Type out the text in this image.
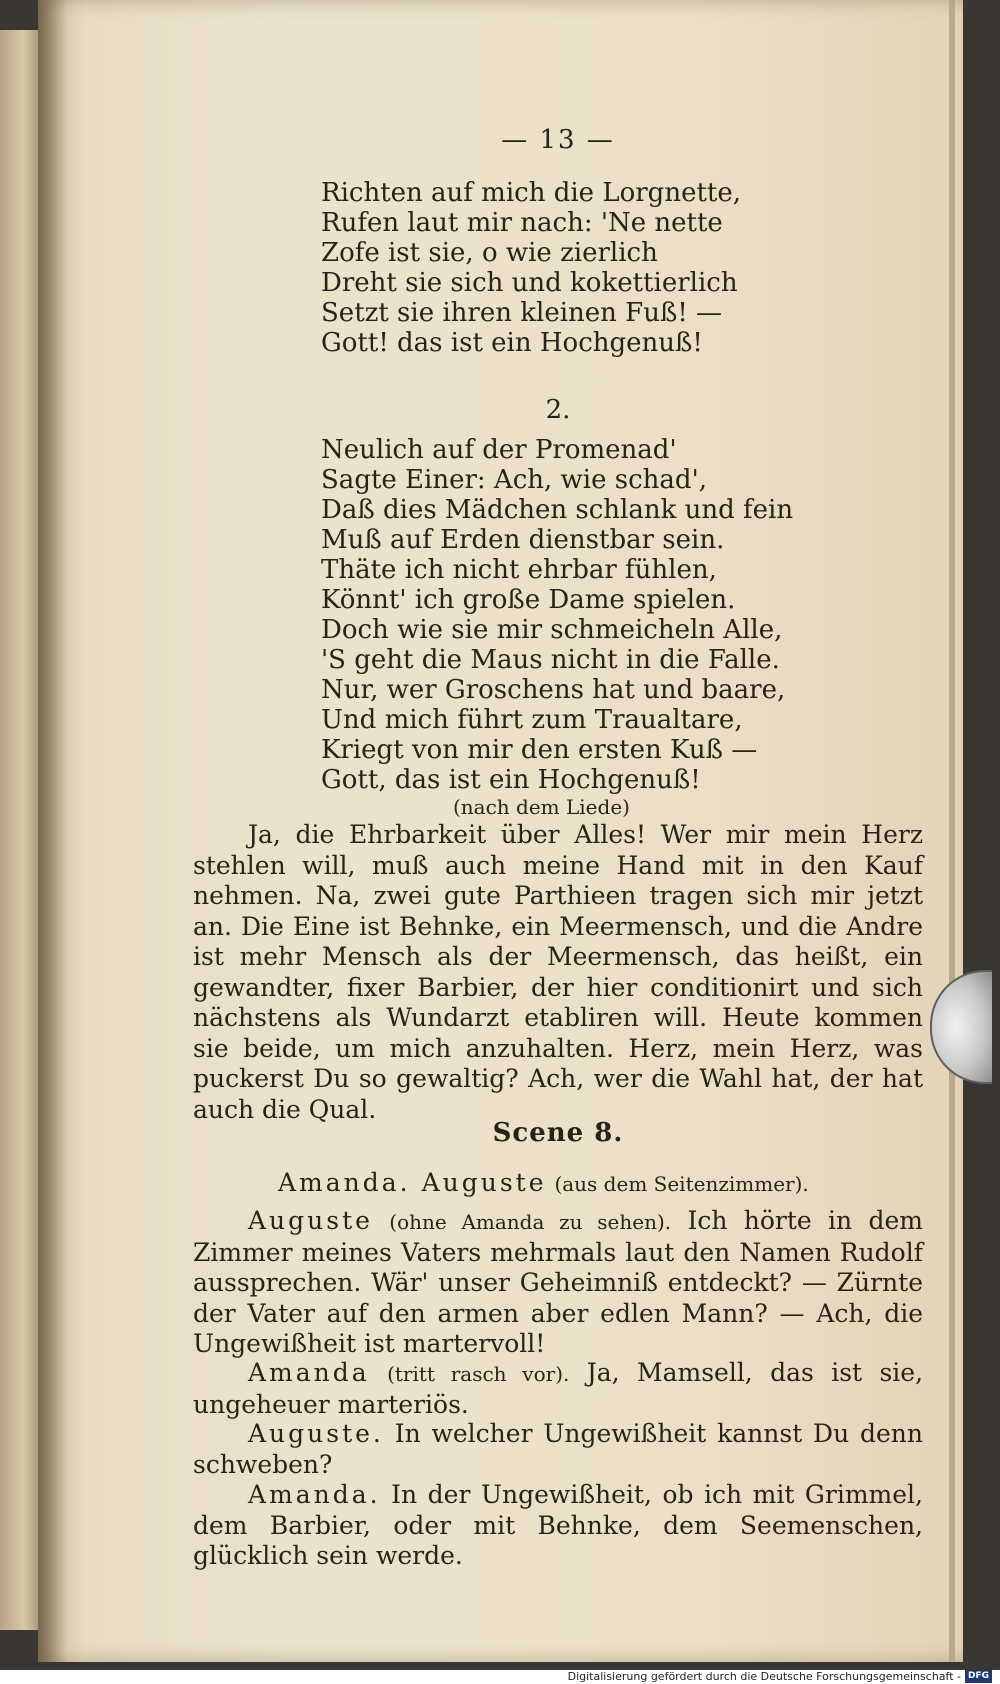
— 13 —
Richten auf mich die Lorgnette,
Rufen laut mir nach: 'Ne nette
Zofe ist sie, o wie zierlich
Dreht sie sich und kokettierlich
Setzt sie ihren kleinen Fuß! —
Gott! das ist ein Hochgenuß!
2.
Neulich auf der Promenad'
Sagte Einer: Ach, wie schad',
Daß dies Mädchen schlank und fein
Muß auf Erden dienstbar sein.
Thäte ich nicht ehrbar fühlen,
Könnt' ich große Dame spielen.
Doch wie sie mir schmeicheln Alle,
'S geht die Maus nicht in die Falle.
Nur, wer Groschens hat und baare,
Und mich führt zum Traualtare,
Kriegt von mir den ersten Kuß —
Gott, das ist ein Hochgenuß!
(nach dem Liede)
Ja, die Ehrbarkeit über Alles! Wer mir mein Herz stehlen will, muß auch meine Hand mit in den Kauf nehmen. Na, zwei gute Parthieen tragen sich mir jetzt an. Die Eine ist Behnke, ein Meermensch, und die Andre ist mehr Mensch als der Meermensch, das heißt, ein gewandter, fixer Barbier, der hier conditionirt und sich nächstens als Wundarzt etabliren will. Heute kommen sie beide, um mich anzuhalten. Herz, mein Herz, was puckerst Du so gewaltig? Ach, wer die Wahl hat, der hat auch die Qual.
Scene 8.
Amanda. Auguste (aus dem Seitenzimmer).
Auguste (ohne Amanda zu sehen). Ich hörte in dem Zimmer meines Vaters mehrmals laut den Namen Rudolf aussprechen. Wär' unser Geheimniß entdeckt? — Zürnte der Vater auf den armen aber edlen Mann? — Ach, die Ungewißheit ist martervoll!
Amanda (tritt rasch vor). Ja, Mamsell, das ist sie, ungeheuer marteriös.
Auguste. In welcher Ungewißheit kannst Du denn schweben?
Amanda. In der Ungewißheit, ob ich mit Grimmel, dem Barbier, oder mit Behnke, dem Seemenschen, glücklich sein werde.
Digitalisierung gefördert durch die Deutsche Forschungsgemeinschaft - DFG
